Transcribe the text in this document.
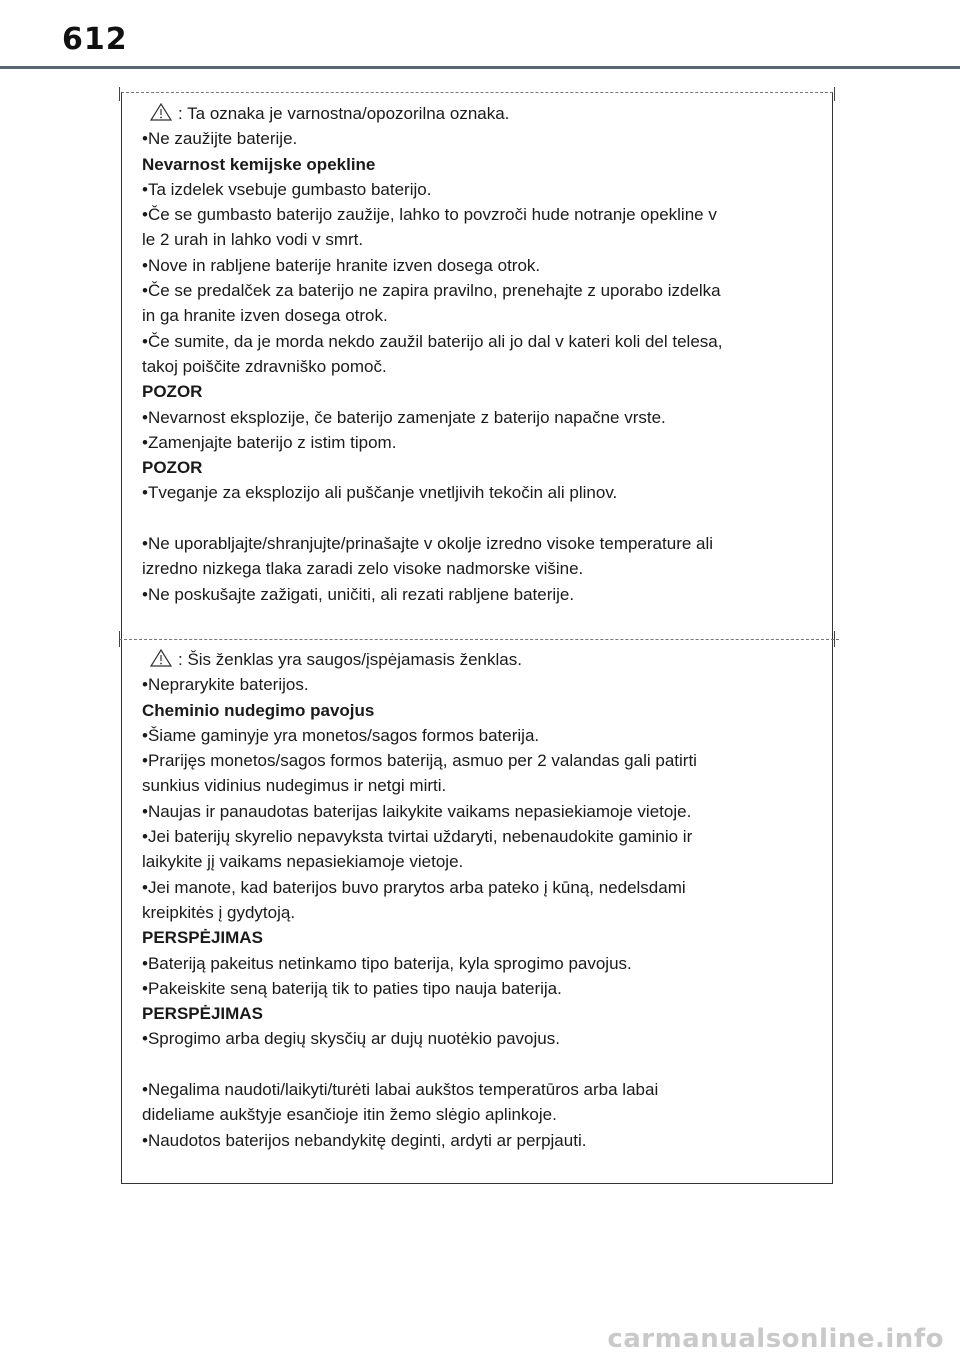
612

: Ta oznaka je varnostna/opozorilna oznaka.

•Ne zaužijte baterije.

Nevarnost kemijske opekline

•Ta izdelek vsebuje gumbasto baterijo.

•Če se gumbasto baterijo zaužije, lahko to povzroči hude notranje opekline v

le 2 urah in lahko vodi v smrt.

•Nove in rabljene baterije hranite izven dosega otrok.

•Če se predalček za baterijo ne zapira pravilno, prenehajte z uporabo izdelka

in ga hranite izven dosega otrok.

•Če sumite, da je morda nekdo zaužil baterijo ali jo dal v kateri koli del telesa,

takoj poiščite zdravniško pomoč.

POZOR

•Nevarnost eksplozije, če baterijo zamenjate z baterijo napačne vrste.

•Zamenjajte baterijo z istim tipom.

POZOR

•Tveganje za eksplozijo ali puščanje vnetljivih tekočin ali plinov.

•Ne uporabljajte/shranjujte/prinašajte v okolje izredno visoke temperature ali

izredno nizkega tlaka zaradi zelo visoke nadmorske višine.

•Ne poskušajte zažigati, uničiti, ali rezati rabljene baterije.

: Šis ženklas yra saugos/įspėjamasis ženklas.

•Neprarykite baterijos.

Cheminio nudegimo pavojus

•Šiame gaminyje yra monetos/sagos formos baterija.

•Prarijęs monetos/sagos formos bateriją, asmuo per 2 valandas gali patirti

sunkius vidinius nudegimus ir netgi mirti.

•Naujas ir panaudotas baterijas laikykite vaikams nepasiekiamoje vietoje.

•Jei baterijų skyrelio nepavyksta tvirtai uždaryti, nebenaudokite gaminio ir

laikykite jį vaikams nepasiekiamoje vietoje.

•Jei manote, kad baterijos buvo prarytos arba pateko į kūną, nedelsdami

kreipkitės į gydytoją.

PERSPĖJIMAS

•Bateriją pakeitus netinkamo tipo baterija, kyla sprogimo pavojus.

•Pakeiskite seną bateriją tik to paties tipo nauja baterija.

PERSPĖJIMAS

•Sprogimo arba degių skysčių ar dujų nuotėkio pavojus.

•Negalima naudoti/laikyti/turėti labai aukštos temperatūros arba labai

dideliame aukštyje esančioje itin žemo slėgio aplinkoje.

•Naudotos baterijos nebandykitę deginti, ardyti ar perpjauti.

carmanualsonline.info
